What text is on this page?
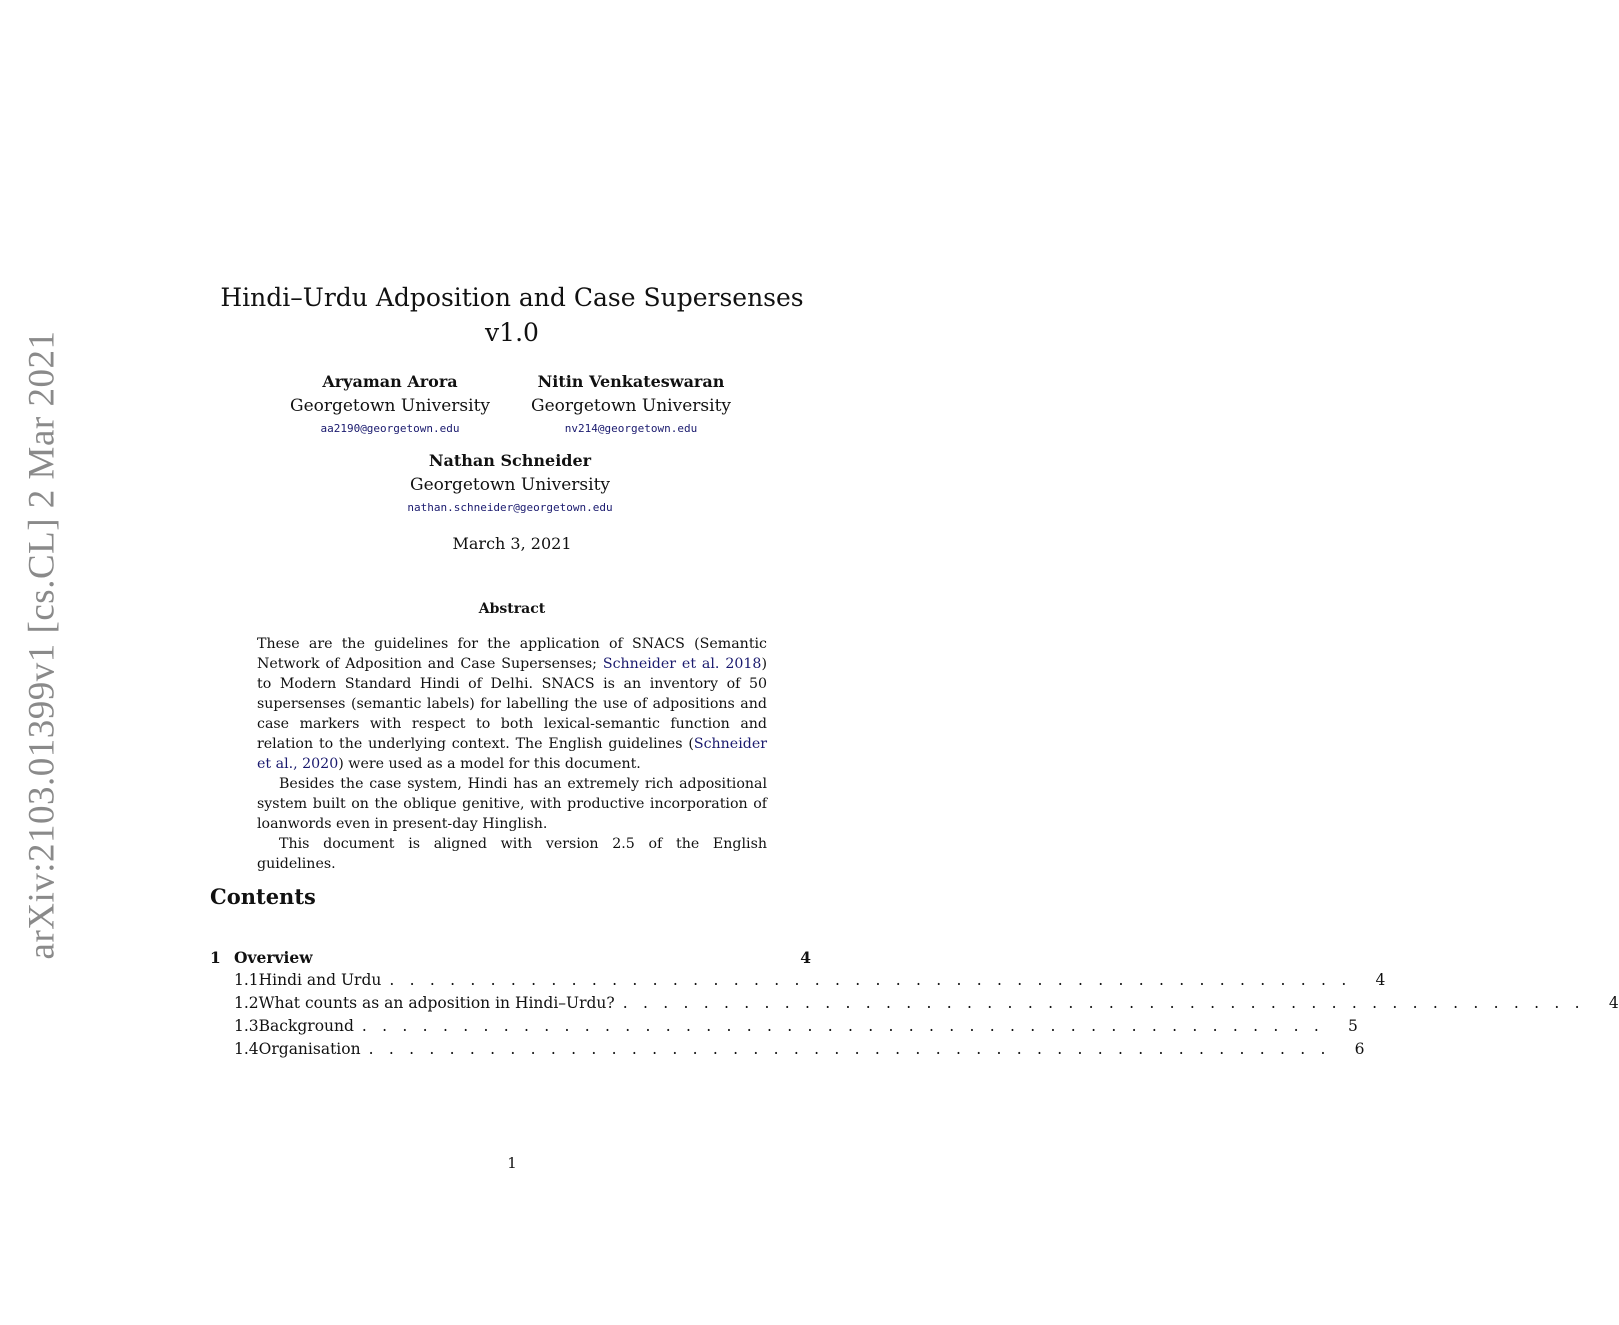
arXiv:2103.01399v1 [cs.CL] 2 Mar 2021
Hindi–Urdu Adposition and Case Supersenses
v1.0
Aryaman Arora
Georgetown University
aa2190@georgetown.edu
Nitin Venkateswaran
Georgetown University
nv214@georgetown.edu
Nathan Schneider
Georgetown University
nathan.schneider@georgetown.edu
March 3, 2021
Abstract

These are the guidelines for the application of SNACS (Semantic Network of Adposition and Case Supersenses; Schneider et al. 2018) to Modern Standard Hindi of Delhi. SNACS is an inventory of 50 supersenses (semantic labels) for labelling the use of adpositions and case markers with respect to both lexical-semantic function and relation to the underlying context. The English guidelines (Schneider et al., 2020) were used as a model for this document.

Besides the case system, Hindi has an extremely rich adpositional system built on the oblique genitive, with productive incorporation of loanwords even in present-day Hinglish.

This document is aligned with version 2.5 of the English guidelines.

Contents
1 Overview	4
1.1 Hindi and Urdu . . . . . . . . . . . . . . . . . . . . . . . . . . . . . . . . . . . . . . . . . . . . . . . . 4
1.2 What counts as an adposition in Hindi–Urdu? . . . . . . . . . . . . . . . . . . . . . . . . . . . . . . . . . . . . . . . . . . . . . . . . 4
1.3 Background . . . . . . . . . . . . . . . . . . . . . . . . . . . . . . . . . . . . . . . . . . . . . . . . 5
1.4 Organisation . . . . . . . . . . . . . . . . . . . . . . . . . . . . . . . . . . . . . . . . . . . . . . . . 6
1
